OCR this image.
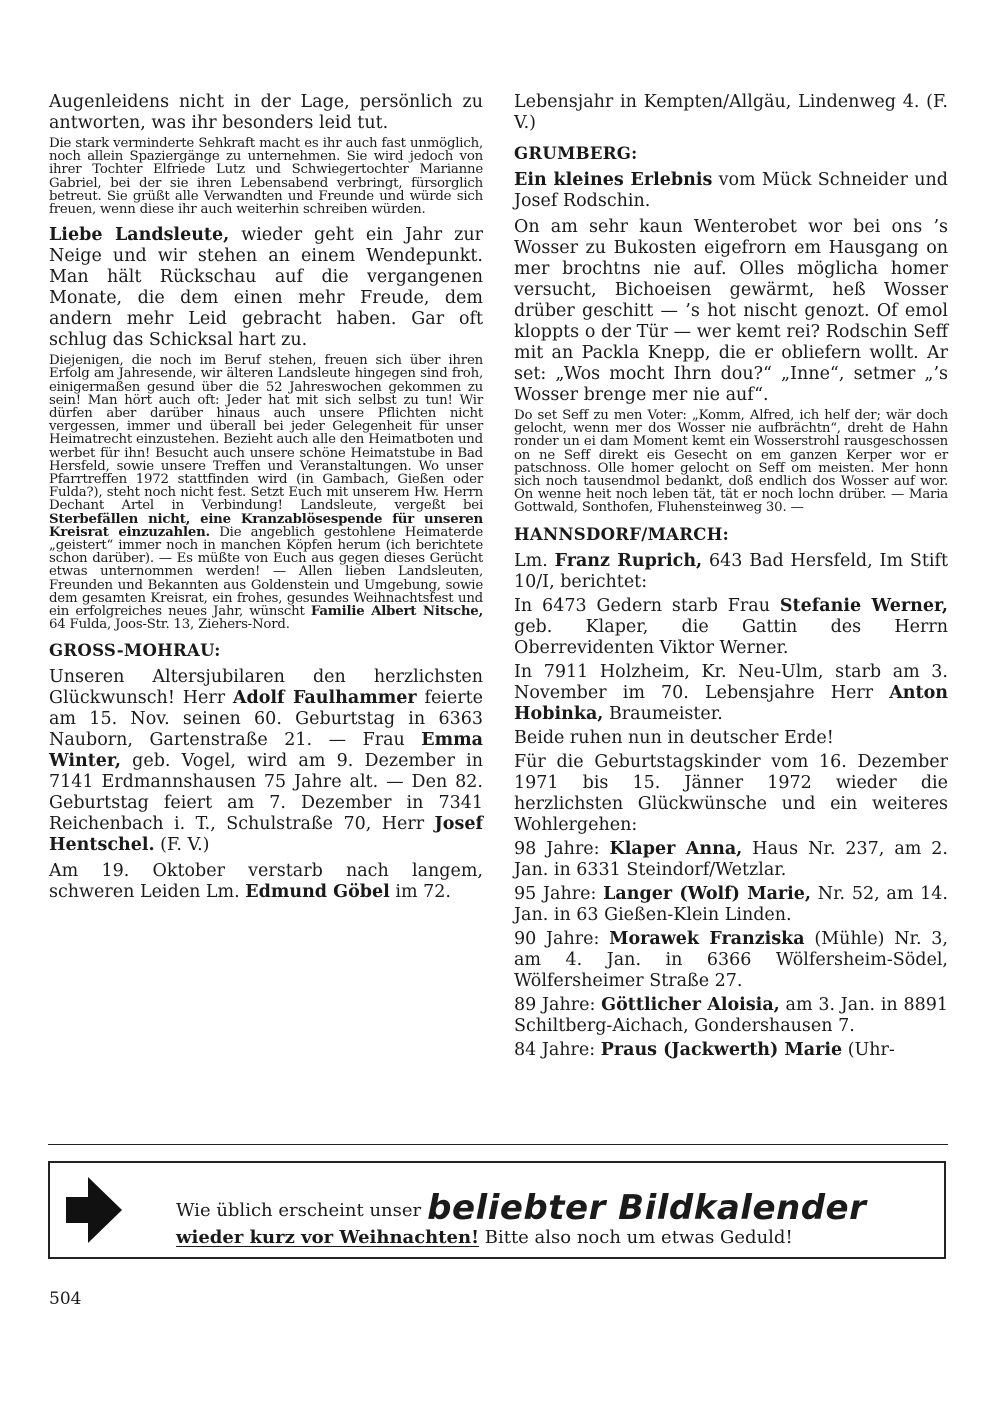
Augenleidens nicht in der Lage, persönlich zu antworten, was ihr besonders leid tut.

Die stark verminderte Sehkraft macht es ihr auch fast unmöglich, noch allein Spaziergänge zu unternehmen. Sie wird jedoch von ihrer Tochter Elfriede Lutz und Schwiegertochter Marianne Gabriel, bei der sie ihren Lebensabend verbringt, fürsorglich betreut. Sie grüßt alle Verwandten und Freunde und würde sich freuen, wenn diese ihr auch weiterhin schreiben würden.

Liebe Landsleute, wieder geht ein Jahr zur Neige und wir stehen an einem Wendepunkt. Man hält Rückschau auf die vergangenen Monate, die dem einen mehr Freude, dem andern mehr Leid gebracht haben. Gar oft schlug das Schicksal hart zu.

Diejenigen, die noch im Beruf stehen, freuen sich über ihren Erfolg am Jahresende, wir älteren Landsleute hingegen sind froh, einigermaßen gesund über die 52 Jahreswochen gekommen zu sein! Man hört auch oft: Jeder hat mit sich selbst zu tun! Wir dürfen aber darüber hinaus auch unsere Pflichten nicht vergessen, immer und überall bei jeder Gelegenheit für unser Heimatrecht einzustehen. Bezieht auch alle den Heimatboten und werbet für ihn! Besucht auch unsere schöne Heimatstube in Bad Hersfeld, sowie unsere Treffen und Veranstaltungen. Wo unser Pfarrtreffen 1972 stattfinden wird (in Gambach, Gießen oder Fulda?), steht noch nicht fest. Setzt Euch mit unserem Hw. Herrn Dechant Artel in Verbindung! Landsleute, vergeßt bei Sterbefällen nicht, eine Kranzablösespende für unseren Kreisrat einzuzahlen. Die angeblich gestohlene Heimaterde „geistert“ immer noch in manchen Köpfen herum (ich berichtete schon darüber). — Es müßte von Euch aus gegen dieses Gerücht etwas unternommen werden! — Allen lieben Landsleuten, Freunden und Bekannten aus Goldenstein und Umgebung, sowie dem gesamten Kreisrat, ein frohes, gesundes Weihnachtsfest und ein erfolgreiches neues Jahr, wünscht Familie Albert Nitsche, 64 Fulda, Joos-Str. 13, Ziehers-Nord.

GROSS-MOHRAU:

Unseren Altersjubilaren den herzlichsten Glückwunsch! Herr Adolf Faulhammer feierte am 15. Nov. seinen 60. Geburtstag in 6363 Nauborn, Gartenstraße 21. — Frau Emma Winter, geb. Vogel, wird am 9. Dezember in 7141 Erdmannshausen 75 Jahre alt. — Den 82. Geburtstag feiert am 7. Dezember in 7341 Reichenbach i. T., Schulstraße 70, Herr Josef Hentschel. (F. V.)

Am 19. Oktober verstarb nach langem, schweren Leiden Lm. Edmund Göbel im 72.

Lebensjahr in Kempten/Allgäu, Lindenweg 4. (F. V.)

GRUMBERG:

Ein kleines Erlebnis vom Mück Schneider und Josef Rodschin.

On am sehr kaun Wenterobet wor bei ons ’s Wosser zu Bukosten eigefrorn em Hausgang on mer brochtns nie auf. Olles möglicha homer versucht, Bichoeisen gewärmt, heß Wosser drüber geschitt — ’s hot nischt genozt. Of emol kloppts o der Tür — wer kemt rei? Rodschin Seff mit an Packla Knepp, die er obliefern wollt. Ar set: „Wos mocht Ihrn dou?“ „Inne“, setmer „’s Wosser brenge mer nie auf“.

Do set Seff zu men Voter: „Komm, Alfred, ich helf der; wär doch gelocht, wenn mer dos Wosser nie aufbrächtn“, dreht de Hahn ronder un ei dam Moment kemt ein Wosserstrohl rausgeschossen on ne Seff direkt eis Gesecht on em ganzen Kerper wor er patschnoss. Olle homer gelocht on Seff om meisten. Mer honn sich noch tausendmol bedankt, doß endlich dos Wosser auf wor. On wenne heit noch leben tät, tät er noch lochn drüber. — Maria Gottwald, Sonthofen, Fluhensteinweg 30. —

HANNSDORF/MARCH:

Lm. Franz Ruprich, 643 Bad Hersfeld, Im Stift 10/I, berichtet:

In 6473 Gedern starb Frau Stefanie Werner, geb. Klaper, die Gattin des Herrn Oberrevidenten Viktor Werner.

In 7911 Holzheim, Kr. Neu-Ulm, starb am 3. November im 70. Lebensjahre Herr Anton Hobinka, Braumeister.

Beide ruhen nun in deutscher Erde!

Für die Geburtstagskinder vom 16. Dezember 1971 bis 15. Jänner 1972 wieder die herzlichsten Glückwünsche und ein weiteres Wohlergehen:

98 Jahre: Klaper Anna, Haus Nr. 237, am 2. Jan. in 6331 Steindorf/Wetzlar.

95 Jahre: Langer (Wolf) Marie, Nr. 52, am 14. Jan. in 63 Gießen-Klein Linden.

90 Jahre: Morawek Franziska (Mühle) Nr. 3, am 4. Jan. in 6366 Wölfersheim-Södel, Wölfersheimer Straße 27.

89 Jahre: Göttlicher Aloisia, am 3. Jan. in 8891 Schiltberg-Aichach, Gondershausen 7.

84 Jahre: Praus (Jackwerth) Marie (Uhr-

Wie üblich erscheint unser beliebter Bildkalender
wieder kurz vor Weihnachten! Bitte also noch um etwas Geduld!
504
